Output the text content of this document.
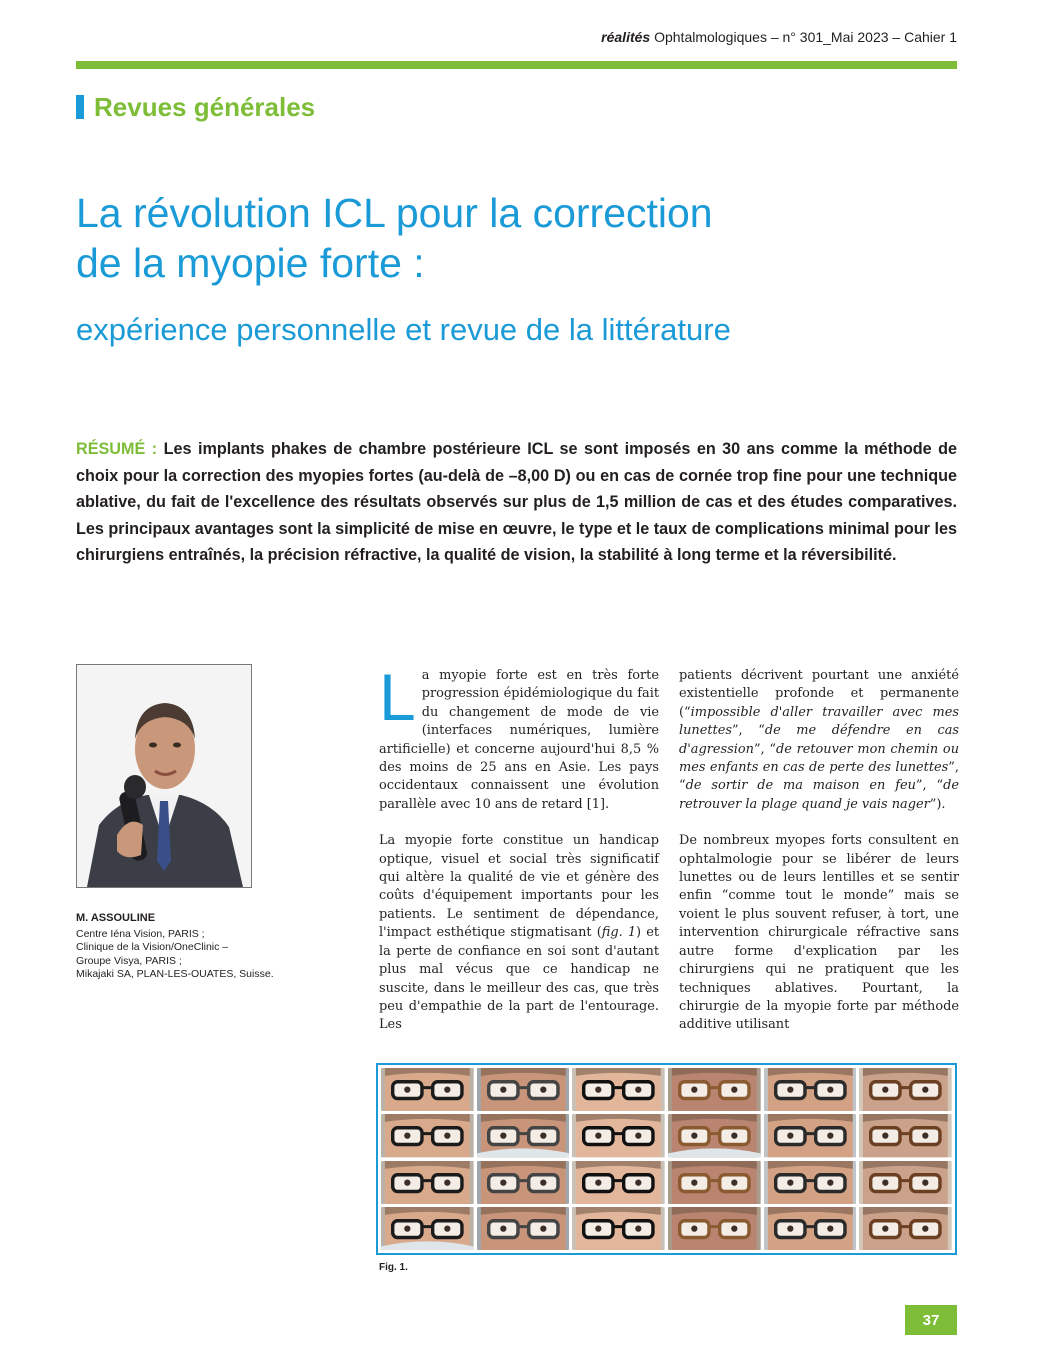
réalités Ophtalmologiques – n° 301_Mai 2023 – Cahier 1
Revues générales
La révolution ICL pour la correction
de la myopie forte :
expérience personnelle et revue de la littérature
RÉSUMÉ : Les implants phakes de chambre postérieure ICL se sont imposés en 30 ans comme la méthode de choix pour la correction des myopies fortes (au-delà de –8,00 D) ou en cas de cornée trop fine pour une technique ablative, du fait de l'excellence des résultats observés sur plus de 1,5 million de cas et des études comparatives. Les principaux avantages sont la simplicité de mise en œuvre, le type et le taux de complications minimal pour les chirurgiens entraînés, la précision réfractive, la qualité de vision, la stabilité à long terme et la réversibilité.
M. ASSOULINE
Centre Iéna Vision, PARIS ;
Clinique de la Vision/OneClinic –
Groupe Visya, PARIS ;
Mikajaki SA, PLAN-LES-OUATES, Suisse.

La myopie forte est en très forte progression épidémiologique du fait du changement de mode de vie (interfaces numériques, lumière artificielle) et concerne aujourd'hui 8,5 % des moins de 25 ans en Asie. Les pays occidentaux connaissent une évolution parallèle avec 10 ans de retard [1].

La myopie forte constitue un handicap optique, visuel et social très significatif qui altère la qualité de vie et génère des coûts d'équipement importants pour les patients. Le sentiment de dépendance, l'impact esthétique stigmatisant (fig. 1) et la perte de confiance en soi sont d'autant plus mal vécus que ce handicap ne suscite, dans le meilleur des cas, que très peu d'empathie de la part de l'entourage. Les

patients décrivent pourtant une anxiété existentielle profonde et permanente (“impossible d'aller travailler avec mes lunettes”, “de me défendre en cas d'agression”, “de retouver mon chemin ou mes enfants en cas de perte des lunettes”, “de sortir de ma maison en feu”, “de retrouver la plage quand je vais nager”).

De nombreux myopes forts consultent en ophtalmologie pour se libérer de leurs lunettes ou de leurs lentilles et se sentir enfin “comme tout le monde” mais se voient le plus souvent refuser, à tort, une intervention chirurgicale réfractive sans autre forme d'explication par les chirurgiens qui ne pratiquent que les techniques ablatives. Pourtant, la chirurgie de la myopie forte par méthode additive utilisant

Fig. 1.
37
